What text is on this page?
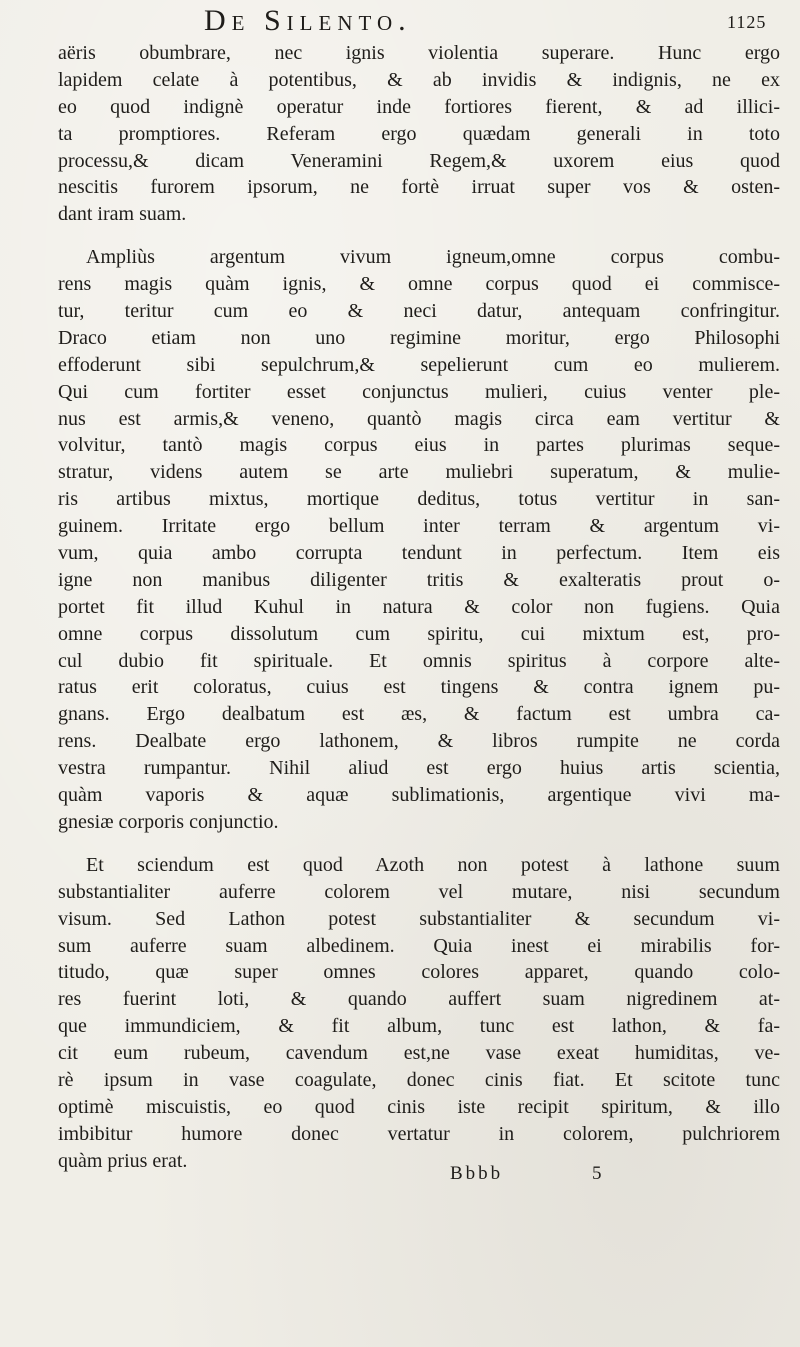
De Silento.	1125
aëris obumbrare, nec ignis violentia superare. Hunc ergo
lapidem celate à potentibus, & ab invidis & indignis, ne ex
eo quod indignè operatur inde fortiores fierent, & ad illici-
ta promptiores. Referam ergo quædam generali in toto
processu,& dicam Veneramini Regem,& uxorem eius quod
nescitis furorem ipsorum, ne fortè irruat super vos & osten-
dant iram suam.
Ampliùs argentum vivum igneum,omne corpus combu-
rens magis quàm ignis, & omne corpus quod ei commisce-
tur, teritur cum eo & neci datur, antequam confringitur.
Draco etiam non uno regimine moritur, ergo Philosophi
effoderunt sibi sepulchrum,& sepelierunt cum eo mulierem.
Qui cum fortiter esset conjunctus mulieri, cuius venter ple-
nus est armis,& veneno, quantò magis circa eam vertitur &
volvitur, tantò magis corpus eius in partes plurimas seque-
stratur, videns autem se arte muliebri superatum, & mulie-
ris artibus mixtus, mortique deditus, totus vertitur in san-
guinem. Irritate ergo bellum inter terram & argentum vi-
vum, quia ambo corrupta tendunt in perfectum. Item eis
igne non manibus diligenter tritis & exalteratis prout o-
portet fit illud Kuhul in natura & color non fugiens. Quia
omne corpus dissolutum cum spiritu, cui mixtum est, pro-
cul dubio fit spirituale. Et omnis spiritus à corpore alte-
ratus erit coloratus, cuius est tingens & contra ignem pu-
gnans. Ergo dealbatum est æs, & factum est umbra ca-
rens. Dealbate ergo lathonem, & libros rumpite ne corda
vestra rumpantur. Nihil aliud est ergo huius artis scientia,
quàm vaporis & aquæ sublimationis, argentique vivi ma-
gnesiæ corporis conjunctio.
Et sciendum est quod Azoth non potest à lathone suum
substantialiter auferre colorem vel mutare, nisi secundum
visum. Sed Lathon potest substantialiter & secundum vi-
sum auferre suam albedinem. Quia inest ei mirabilis for-
titudo, quæ super omnes colores apparet, quando colo-
res fuerint loti, & quando auffert suam nigredinem at-
que immundiciem, & fit album, tunc est lathon, & fa-
cit eum rubeum, cavendum est,ne vase exeat humiditas, ve-
rè ipsum in vase coagulate, donec cinis fiat. Et scitote tunc
optimè miscuistis, eo quod cinis iste recipit spiritum, & illo
imbibitur humore donec vertatur in colorem, pulchriorem
quàm prius erat.
Bbbb	5
